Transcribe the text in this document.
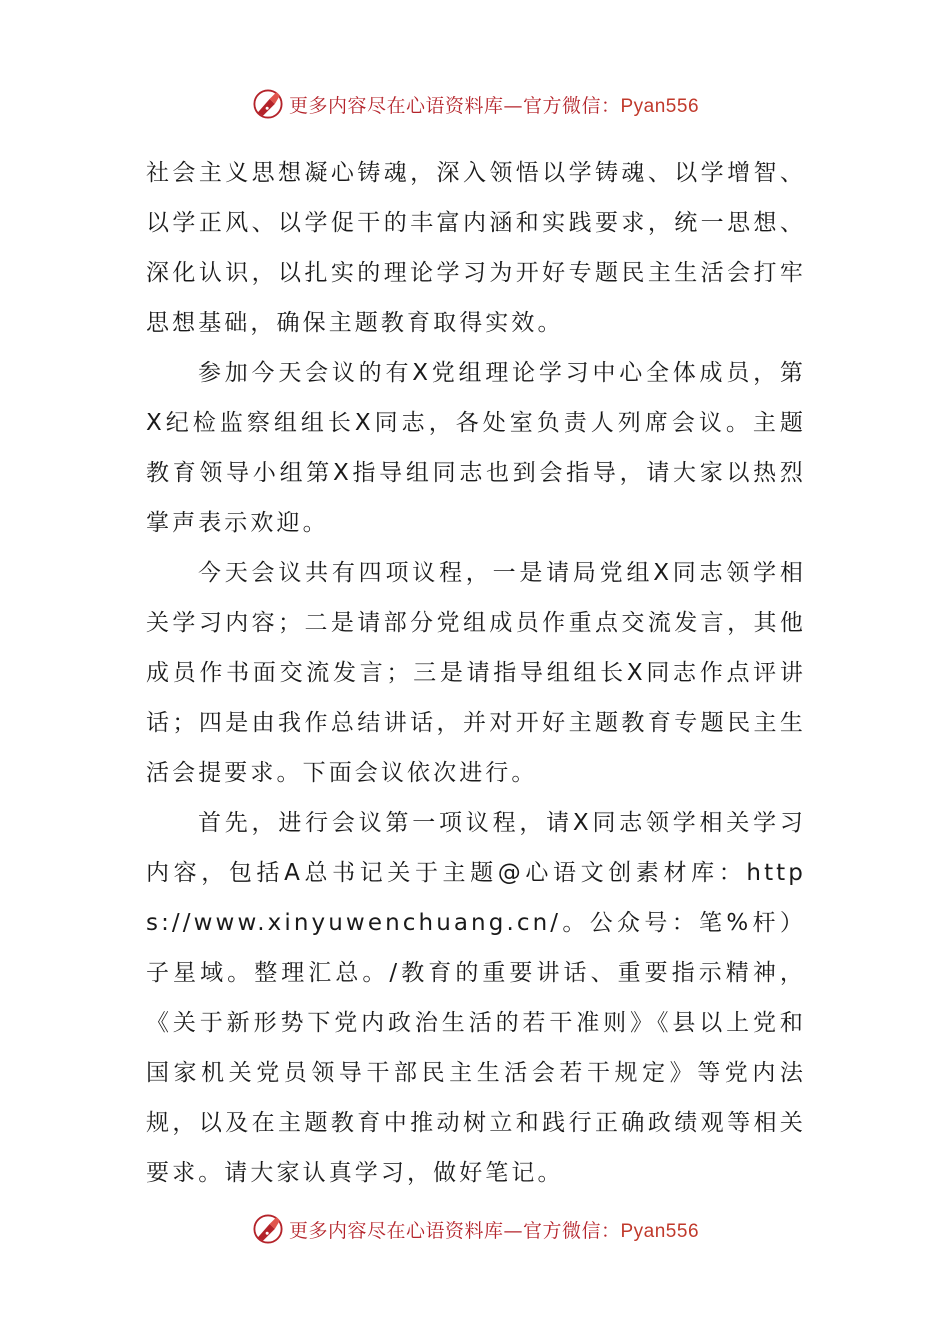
更多内容尽在心语资料库—官方微信：Pyan556

社会主义思想凝心铸魂，深入领悟以学铸魂、以学增智、以学正风、以学促干的丰富内涵和实践要求，统一思想、深化认识，以扎实的理论学习为开好专题民主生活会打牢思想基础，确保主题教育取得实效。

参加今天会议的有X党组理论学习中心全体成员，第X纪检监察组组长X同志，各处室负责人列席会议。主题教育领导小组第X指导组同志也到会指导，请大家以热烈掌声表示欢迎。

今天会议共有四项议程，一是请局党组X同志领学相关学习内容；二是请部分党组成员作重点交流发言，其他成员作书面交流发言；三是请指导组组长X同志作点评讲话；四是由我作总结讲话，并对开好主题教育专题民主生活会提要求。下面会议依次进行。

首先，进行会议第一项议程，请X同志领学相关学习内容，包括A总书记关于主题@心语文创素材库：https://www.xinyuwenchuang.cn/。公众号：笔%杆）子星域。整理汇总。/教育的重要讲话、重要指示精神，《关于新形势下党内政治生活的若干准则》《县以上党和国家机关党员领导干部民主生活会若干规定》等党内法规，以及在主题教育中推动树立和践行正确政绩观等相关要求。请大家认真学习，做好笔记。

更多内容尽在心语资料库—官方微信：Pyan556
